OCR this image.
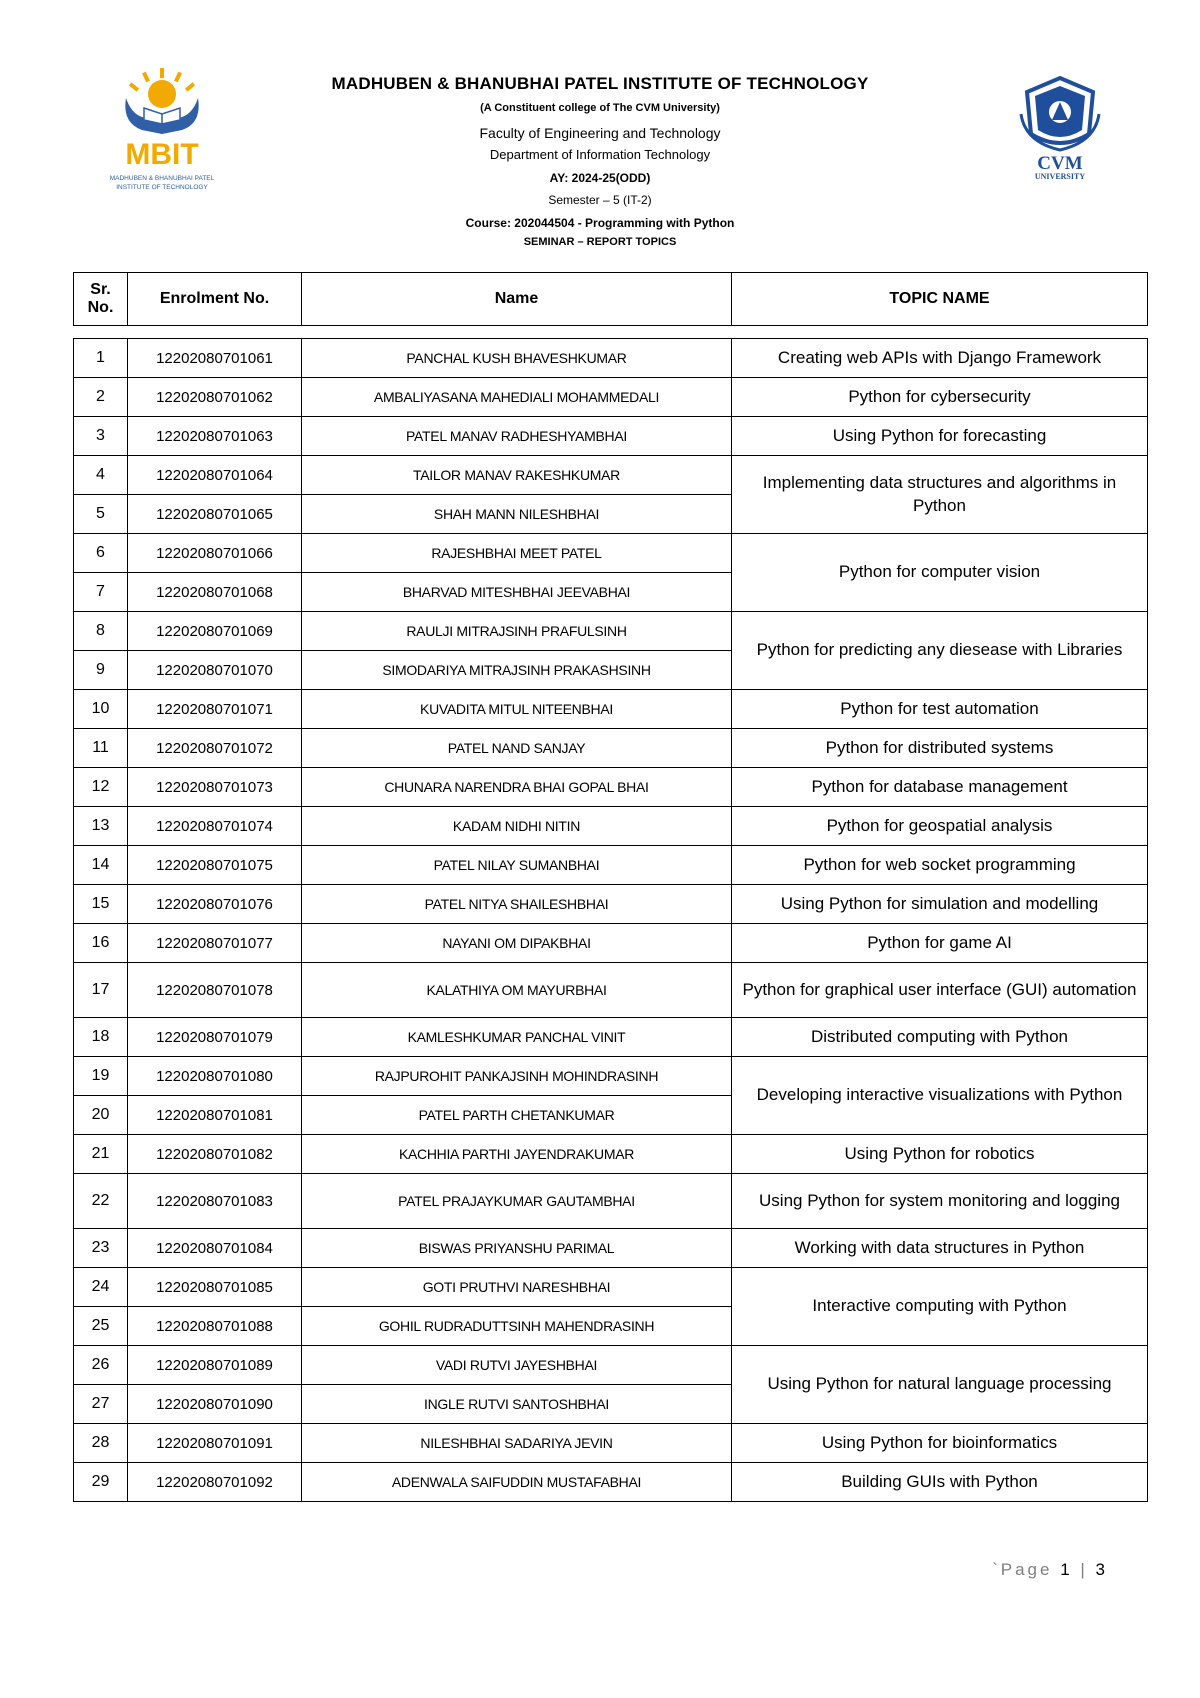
MBIT
MADHUBEN & BHANUBHAI PATEL
INSTITUTE OF TECHNOLOGY
MADHUBEN & BHANUBHAI PATEL INSTITUTE OF TECHNOLOGY
(A Constituent college of The CVM University)
Faculty of Engineering and Technology
Department of Information Technology
AY: 2024-25(ODD)
Semester – 5 (IT-2)
Course: 202044504 - Programming with Python
SEMINAR – REPORT TOPICS
CVM
UNIVERSITY
Sr. No.	Enrolment No.	Name	TOPIC NAME
1	12202080701061	PANCHAL KUSH BHAVESHKUMAR	Creating web APIs with Django Framework
2	12202080701062	AMBALIYASANA MAHEDIALI MOHAMMEDALI	Python for cybersecurity
3	12202080701063	PATEL MANAV RADHESHYAMBHAI	Using Python for forecasting
4	12202080701064	TAILOR MANAV RAKESHKUMAR	Implementing data structures and algorithms in Python
5	12202080701065	SHAH MANN NILESHBHAI	
6	12202080701066	RAJESHBHAI MEET PATEL	Python for computer vision
7	12202080701068	BHARVAD MITESHBHAI JEEVABHAI	
8	12202080701069	RAULJI MITRAJSINH PRAFULSINH	Python for predicting any diesease with Libraries
9	12202080701070	SIMODARIYA MITRAJSINH PRAKASHSINH	
10	12202080701071	KUVADITA MITUL NITEENBHAI	Python for test automation
11	12202080701072	PATEL NAND SANJAY	Python for distributed systems
12	12202080701073	CHUNARA NARENDRA BHAI GOPAL BHAI	Python for database management
13	12202080701074	KADAM NIDHI NITIN	Python for geospatial analysis
14	12202080701075	PATEL NILAY SUMANBHAI	Python for web socket programming
15	12202080701076	PATEL NITYA SHAILESHBHAI	Using Python for simulation and modelling
16	12202080701077	NAYANI OM DIPAKBHAI	Python for game AI
17	12202080701078	KALATHIYA OM MAYURBHAI	Python for graphical user interface (GUI) automation
18	12202080701079	KAMLESHKUMAR PANCHAL VINIT	Distributed computing with Python
19	12202080701080	RAJPUROHIT PANKAJSINH MOHINDRASINH	Developing interactive visualizations with Python
20	12202080701081	PATEL PARTH CHETANKUMAR	
21	12202080701082	KACHHIA PARTHI JAYENDRAKUMAR	Using Python for robotics
22	12202080701083	PATEL PRAJAYKUMAR GAUTAMBHAI	Using Python for system monitoring and logging
23	12202080701084	BISWAS PRIYANSHU PARIMAL	Working with data structures in Python
24	12202080701085	GOTI PRUTHVI NARESHBHAI	Interactive computing with Python
25	12202080701088	GOHIL RUDRADUTTSINH MAHENDRASINH	
26	12202080701089	VADI RUTVI JAYESHBHAI	Using Python for natural language processing
27	12202080701090	INGLE RUTVI SANTOSHBHAI	
28	12202080701091	NILESHBHAI SADARIYA JEVIN	Using Python for bioinformatics
29	12202080701092	ADENWALA SAIFUDDIN MUSTAFABHAI	Building GUIs with Python
`Page 1 | 3
